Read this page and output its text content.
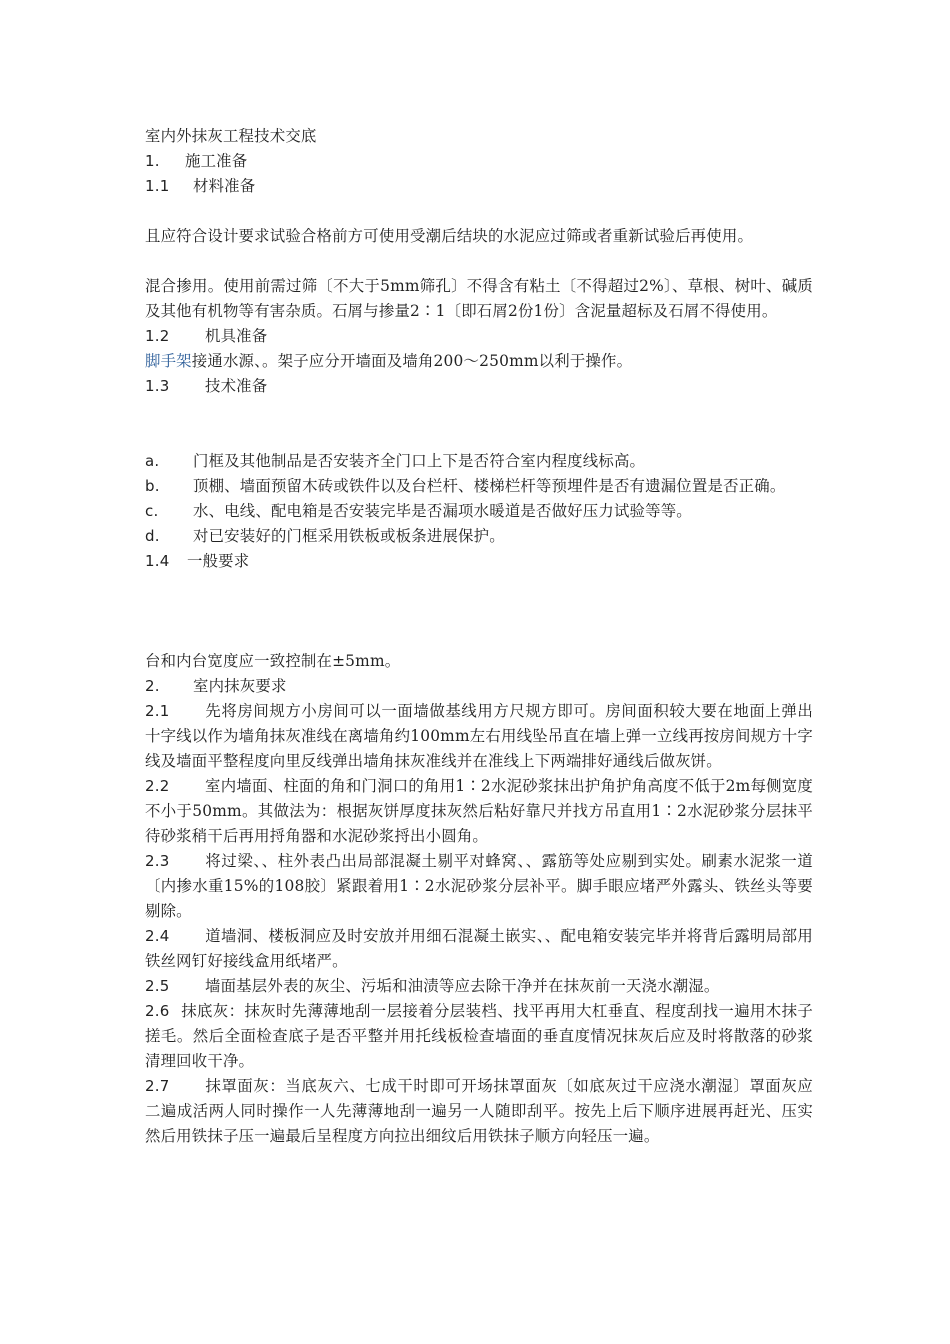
室内外抹灰工程技术交底
1. 施工准备
1.1 材料准备
且应符合设计要求试验合格前方可使用受潮后结块的水泥应过筛或者重新试验后再使用。
混合掺用。使用前需过筛〔不大于5mm筛孔〕不得含有粘土〔不得超过2%〕、草根、树叶、碱质及其他有机物等有害杂质。石屑与掺量2∶1〔即石屑2份1份〕含泥量超标及石屑不得使用。
1.2 机具准备
脚手架接通水源、。架子应分开墙面及墙角200～250mm以利于操作。
1.3 技术准备
a. 门框及其他制品是否安装齐全门口上下是否符合室内程度线标高。
b. 顶棚、墙面预留木砖或铁件以及台栏杆、楼梯栏杆等预埋件是否有遗漏位置是否正确。
c. 水、电线、配电箱是否安装完毕是否漏项水暖道是否做好压力试验等等。
d. 对已安装好的门框采用铁板或板条进展保护。
1.4 一般要求
台和内台宽度应一致控制在±5mm。
2. 室内抹灰要求
2.1 先将房间规方小房间可以一面墙做基线用方尺规方即可。房间面积较大要在地面上弹出十字线以作为墙角抹灰准线在离墙角约100mm左右用线坠吊直在墙上弹一立线再按房间规方十字线及墙面平整程度向里反线弹出墙角抹灰准线并在准线上下两端排好通线后做灰饼。
2.2 室内墙面、柱面的角和门洞口的角用1∶2水泥砂浆抹出护角护角高度不低于2m每侧宽度不小于50mm。其做法为：根据灰饼厚度抹灰然后粘好靠尺并找方吊直用1∶2水泥砂浆分层抹平待砂浆稍干后再用捋角器和水泥砂浆捋出小圆角。
2.3 将过梁、、柱外表凸出局部混凝土剔平对蜂窝、、露筋等处应剔到实处。刷素水泥浆一道〔内掺水重15%的108胶〕紧跟着用1∶2水泥砂浆分层补平。脚手眼应堵严外露头、铁丝头等要剔除。
2.4 道墙洞、楼板洞应及时安放并用细石混凝土嵌实、、配电箱安装完毕并将背后露明局部用铁丝网钉好接线盒用纸堵严。
2.5 墙面基层外表的灰尘、污垢和油渍等应去除干净并在抹灰前一天浇水潮湿。
2.6 抹底灰：抹灰时先薄薄地刮一层接着分层装档、找平再用大杠垂直、程度刮找一遍用木抹子搓毛。然后全面检查底子是否平整并用托线板检查墙面的垂直度情况抹灰后应及时将散落的砂浆清理回收干净。
2.7 抹罩面灰：当底灰六、七成干时即可开场抹罩面灰〔如底灰过干应浇水潮湿〕罩面灰应二遍成活两人同时操作一人先薄薄地刮一遍另一人随即刮平。按先上后下顺序进展再赶光、压实然后用铁抹子压一遍最后呈程度方向拉出细纹后用铁抹子顺方向轻压一遍。
